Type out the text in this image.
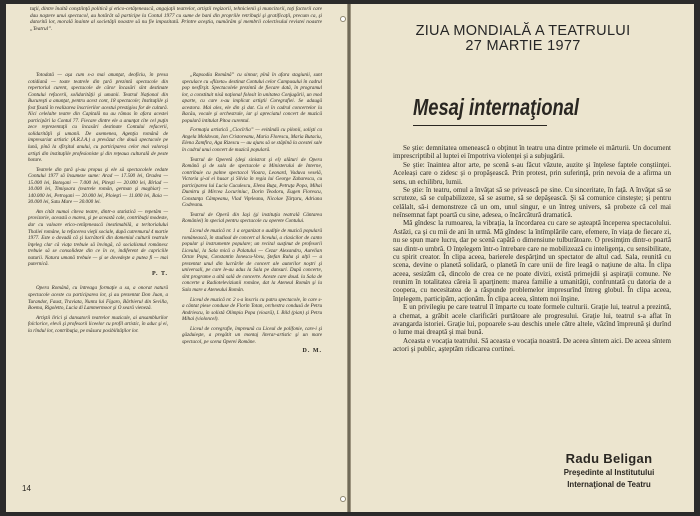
tuţii, dintre înaltă conştiinţă politică şi etico-cetăţenească, angajaţii teatrelor, artiştii regizorii, tehnicienii şi muncitorii, toţi factorii care dau naştere unui spectacol, au hotărât să participe la Contul 1977 cu sume de bani din propriile retribuţii şi gratificaţii, precum ca, şi datorită lor, morală înainte al societăţii noastre să nu fie impozitată. Printre aceştia, numărăm şi membrii colectivului revistei noastre „Teatrul”.

Totodată — aşa cum s-a mai anunţat, deoficiu, în presa cotidiană — toate teatrele din ţară prezintă spectacole din repertoriul curent, spectacole de căror încasări sînt destinate Contului refacerii, solidarităţii şi umanii. Teatrul Naţional din Bucureşti a anunţat, pentru acest cont, 18 spectacole; Instituţiile şi fost fixată în realizarea înscrierilor acestui prestigios for de cultură. Nici celelalte teatre din Capitală nu au rămas în afara acestei participări la Contul 77. Fiecare dintre ele a anunţat cîte cel puţin zece reprezentaţii cu încasări destinate Contului refacerii, solidarităţii şi umanii. De asemenea, Agenţia română de impresariat artistic (A.R.I.A.) a prevăzut cîte două spectacole pe lună, pînă la sfîrşitul anului, cu participarea celor mai valoroşi artişti din instituţiile profesioniste şi din reţeaua culturală de peste hotare.

Teatrele din ţară şi-au propus şi ele să spectacolele cedate Contului 1977 să însumeze sume: Arad — 17.500 lei, Oradea — 15.000 lei, Botoşani — 7.000 lei, Piteşti — 20.000 lei, Bîrlad — 10.000 lei, Timişoara (teatrele român, german şi maghiar) — 140.000 lei, Petroşani — 20.000 lei, Ploieşti — 11.000 lei, Baia — 30.000 lei, Satu Mare — 30.000 lei.

Am cităt numai cîteva teatre, dintr-o statistică — repetăm — provizorie, această o marea, şi pe această cale, contribuţii modeste, dar cu valoare etico-cetăţenească inestimabilă, a teritorialului Thaliei române, la refacerea vieţii sociale, după cutremurul 4 martie 1977. Este o dovadă că şi lucrătorii din domeniul culturii teatrale înţeleg clar că viaţa trebuie să învingă, că socialismul românesc trebuie să se consolideze din ce în ce, indiferent de capriciile naturii. Natura umană trebuie — şi se dovedeşte a putea fi — mai puternică.

P. T.

Opera Română, cu întreaga formaţie a sa, a onorat natură spectacole aceste cu participarea lor, şi au prezentat Don Juan, a Turandot, Faust, Traviata, Nunta lui Figaro, Bărbierul din Sevilla, Boema, Rigoletto, Lucia di Lammermoor şi O seară vieneză.

Artiştii lirici şi dansatorii teatrelor muzicale, ai ansamblurilor folclorice, elevii şi profesorii liceelor cu profil artistic, în aduc şi ei, la rîndul lor, contribuţia, pe măsura posibilităţilor lor.

„Rapsodia Română” cu sinnar, pînă în afara stagiunii, sunt speculace cu «flizeta» destinat Contului celor Campusului în cadrul pop nesfîrşit. Spectacolele prezintă de fiecare dată, în programul lor, a constituit nisă naţional folosit în unitatea Conjugării, un mod aparte, cu care s-au implicat artiştii Coregrafiei. Se adaugă acestora. Mai ales, ele din şi dat. Cu el în cadrul concertelor la Bacău, vocale şi orchestrale, iar şi apreciatul concert de muzică populară intitulat Pitoa curentul.

Formaţia artistică „Ciocîrlia” — evitândă cu pilonii, solişti ca Angela Moldovan, Ion Cristoreanu, Maria Florescu, Maria Butaciu, Elena Zamfira, Aga Rizescu — au ajuns să se stăpînă la acestei sale în cadrul unui concert de muzică populară.

Teatrul de Operetă (deşi sinistrat şi el) alături de Opera Română şi de sala de spectacole a Ministerului de Interne, contribuie cu palme spectacol Vioara, Leonard, Vaduva veselă, Victoria şi-al ei husar şi Silvia în regia lui George Zaharescu, cu participarea lui Lucia Cuculescu, Elena Buţa, Petruţa Popa, Mihai Dumitru şi Mircea Locuriniuc, Dorin Teodoru, Eugen Florescu, Constanţa Câmpeanu, Vlad Viţeleanu, Nicolae Ţârţaru, Adriana Codreanu.

Teatrul de Operă din Iaşi (şi instituţia teatrală Cântarea României) în special pentru spectacole cu operete Contului.

Liceul de muzică nr. 1 a organizat o audiţie de muzică populară românească, în studioul de concert al liceului, a clasicilor de canto popular şi instrumente populare; un recital susţinut de profesorii Liceului, la Sala mică a Palatului — Cezar Alexandru, Aurelian Octav Popa, Constantin Ionescu-Vovu, Ştefan Ruha şi alţii — a prezentat unul din lucrările de concert ale autorilor noştri şi universali, pe care le-au adus la Sala pe dansuri. După concerte, sînt programe a altă sală de concerte. Aceste care doud. la Sala de concerte a Radioteleviziunii române, dat la Ateneul Român şi la Sala mare a Ateneului Român.

Liceul de muzică nr. 2 s-a înscris cu patru spectacole, în care s-a cântat piese conduse de Florin Totan, orchestra condusă de Petru Andriescu, în solistă Olimpia Popa (vioară), I. Bild (pian) şi Petru Mihai (violoncel).

Liceul de coregrafie, împreună cu Liceul de polifonie, care-i şi găzduieşte, a pregătit un montaj literar-artistic şi un mare spectacol, pe scena Operei Române.

D. M.
14
ZIUA MONDIALĂ A TEATRULUI
27 MARTIE 1977
Mesaj internaţional

Se ştie: demnitatea omenească o obţinut în teatru una dintre primele ei mărturii. Un document imprescriptibil al luptei ei împotriva violenţei şi a subjugării.

Se ştie: înaintea altor arte, pe scenă s-au făcut văzute, auzite şi înţelese faptele conştiinţei. Aceleași care o zidesc şi o propăşească. Prin protest, prin suferinţă, prin nevoia de a afirma un sens, un echilibru, lumii.

Se ştie: în teatru, omul a învăţat să se privească pe sine. Cu sinceritate, în faţă. A învăţat să se scruteze, să se culpabilizeze, să se asume, să se depăşească. Şi să comunice cinsteşte; şi pentru celălalt, să-i demonstreze că un om, unul singur, e un întreg univers, să probeze că cel mai neînsemnat fapt poartă cu sine, adesea, o încărcătură dramatică.

Mă gîndesc la rumoarea, la vibraţia, la încordarea cu care se aşteaptă începerea spectacolului. Astăzi, ca şi cu mii de ani în urmă. Mă gîndesc la întîmplările care, efemere, în viaţa de fiecare zi, nu se spun mare lucru, dar pe scenă capătă o dimensiune tulburătoare. O presimţim dintr-o poartă sau dintr-o umbră. O înţelegem într-o întrebare care ne mobilizează cu inteligenţa, cu sensibilitate, cu spirit creator. În clipa aceea, barierele despărţind un spectator de altul cad. Sala, reunită cu scena, devine o planetă solidară, o planetă în care unii de fire leagă o naţiune de alta. În clipa aceea, sesizăm că, dincolo de crea ce ne poate divizi, există primejdii şi aspiraţii comune. Ne reunim în totalitatea căreia îi aparţinem: marea familie a umanităţii, confruntată cu datoria de a coopera, cu necesitatea de a răspunde problemelor impresurînd întreg globul. În clipa aceea, înţelegem, participăm, acţionăm. În clipa aceea, sîntem noi înşine.

E un privilegiu pe care teatrul îl împarte cu toate formele culturii. Graţie lui, teatrul a prezintă, a chemat, a grăbit acele clarificări purtătoare ale progresului. Graţie lui, teatrul s-a aflat în avangarda istoriei. Graţie lui, popoarele s-au deschis unele către altele, văzînd împreună şi durînd o lume mai dreaptă şi mai bună.

Aceasta e vocaţia teatrului. Să aceasta e vocaţia noastră. De aceea sîntem aici. De aceea sîntem actori şi public, aşteptăm ridicarea cortinei.

Radu Beligan
Preşedinte al Institutului
Internaţional de Teatru
